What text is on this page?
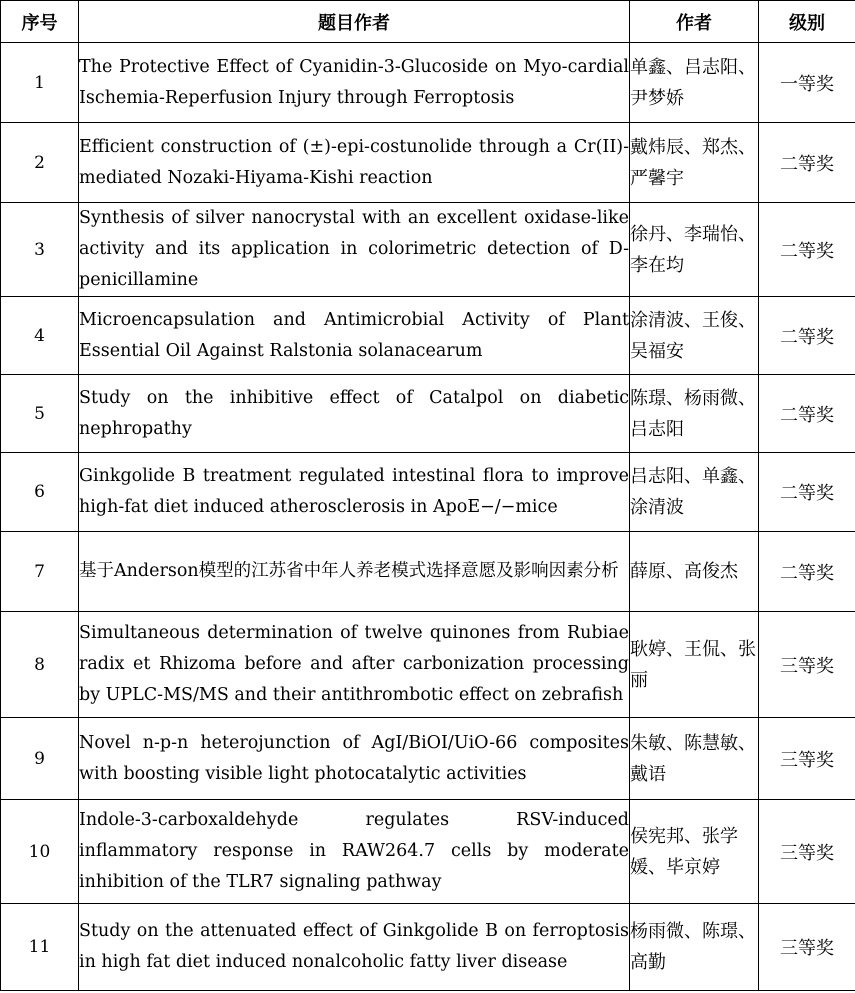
序号	题目作者	作者	级别
1	The Protective Effect of Cyanidin-3-Glucoside on Myo-cardial Ischemia-Reperfusion Injury through Ferroptosis	单鑫、吕志阳、尹梦娇	一等奖
2	Efficient construction of (±)-epi-costunolide through a Cr(II)-mediated Nozaki-Hiyama-Kishi reaction	戴炜辰、郑杰、严馨宇	二等奖
3	Synthesis of silver nanocrystal with an excellent oxidase-like activity and its application in colorimetric detection of D-penicillamine	徐丹、李瑞怡、李在均	二等奖
4	Microencapsulation and Antimicrobial Activity of Plant Essential Oil Against Ralstonia solanacearum	涂清波、王俊、吴福安	二等奖
5	Study on the inhibitive effect of Catalpol on diabetic nephropathy	陈璟、杨雨微、吕志阳	二等奖
6	Ginkgolide B treatment regulated intestinal flora to improve high-fat diet induced atherosclerosis in ApoE−/−mice	吕志阳、单鑫、涂清波	二等奖
7	基于Anderson模型的江苏省中年人养老模式选择意愿及影响因素分析	薛原、高俊杰	二等奖
8	Simultaneous determination of twelve quinones from Rubiae radix et Rhizoma before and after carbonization processing by UPLC-MS/MS and their antithrombotic effect on zebrafish	耿婷、王侃、张丽	三等奖
9	Novel n-p-n heterojunction of AgI/BiOI/UiO-66 composites with boosting visible light photocatalytic activities	朱敏、陈慧敏、戴语	三等奖
10	Indole-3-carboxaldehyde regulates RSV-induced inflammatory response in RAW264.7 cells by moderate inhibition of the TLR7 signaling pathway	侯宪邦、张学媛、毕京婷	三等奖
11	Study on the attenuated effect of Ginkgolide B on ferroptosis in high fat diet induced nonalcoholic fatty liver disease	杨雨微、陈璟、高勤	三等奖
